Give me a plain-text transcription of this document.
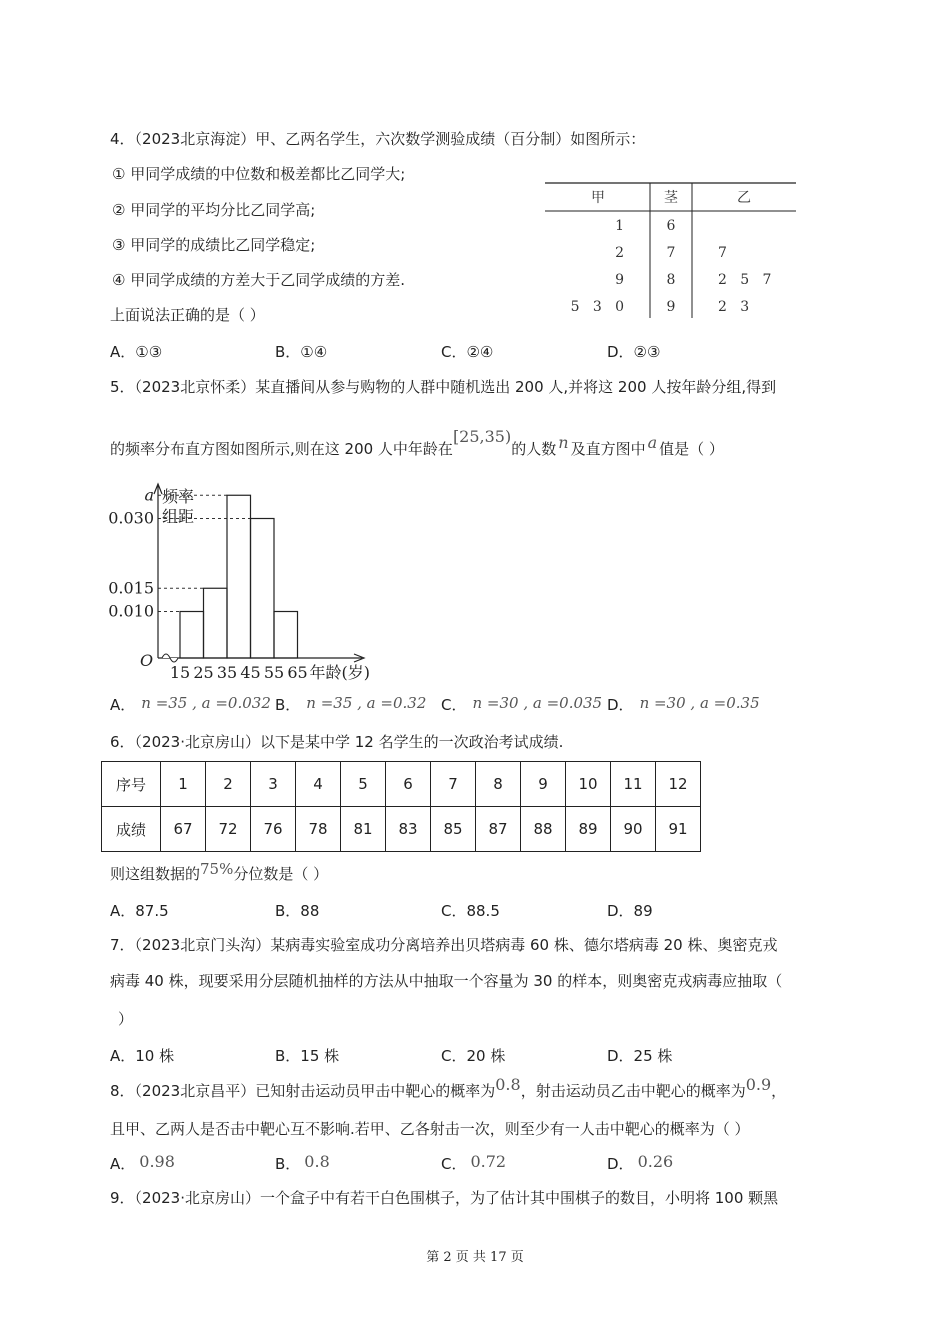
4．（2023北京海淀）甲、乙两名学生，六次数学测验成绩（百分制）如图所示：
① 甲同学成绩的中位数和极差都比乙同学大;
② 甲同学的平均分比乙同学高;
③ 甲同学的成绩比乙同学稳定;
④ 甲同学成绩的方差大于乙同学成绩的方差.
上面说法正确的是（ ）
A．①③	B．①④	C．②④	D．②③
甲	茎	乙
1	6
2	7	7
9	8	2   5   7
5   3   0	9	2   3
5．（2023北京怀柔）某直播间从参与购物的人群中随机选出 200 人,并将这 200 人按年龄分组,得到
的频率分布直方图如图所示,则在这 200 人中年龄在[25,35)的人数 n 及直方图中 a 值是（ ）
频率
组距
O
a
0.030
0.015
0.010
15 25 35 45 55 65 年龄(岁)
A． n =35 , a =0.032 B． n =35 , a =0.32 C． n =30 , a =0.035 D． n =30 , a =0.35
6．（2023·北京房山）以下是某中学 12 名学生的一次政治考试成绩.
序号	1	2	3	4	5	6	7	8	9	10	11	12
成绩	67	72	76	78	81	83	85	87	88	89	90	91
则这组数据的75%分位数是（ ）
A．87.5	B．88	C．88.5	D．89
7．（2023北京门头沟）某病毒实验室成功分离培养出贝塔病毒 60 株、德尔塔病毒 20 株、奥密克戎
病毒 40 株，现要采用分层随机抽样的方法从中抽取一个容量为 30 的样本，则奥密克戎病毒应抽取（
）
A．10 株	B．15 株	C．20 株	D．25 株
8．（2023北京昌平）已知射击运动员甲击中靶心的概率为0.8，射击运动员乙击中靶心的概率为0.9，
且甲、乙两人是否击中靶心互不影响.若甲、乙各射击一次，则至少有一人击中靶心的概率为（ ）
A． 0.98	B． 0.8	C． 0.72	D． 0.26
9．（2023·北京房山）一个盒子中有若干白色围棋子，为了估计其中围棋子的数目，小明将 100 颗黑
第 2 页 共 17 页
